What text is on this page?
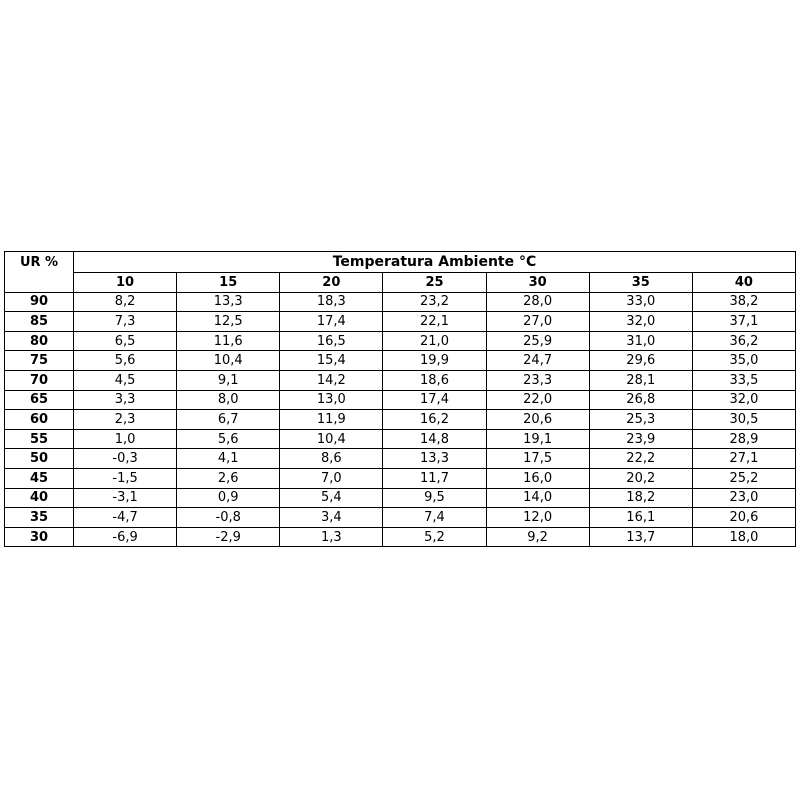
UR %	Temperatura Ambiente °C						
	10	15	20	25	30	35	40
90	8,2	13,3	18,3	23,2	28,0	33,0	38,2
85	7,3	12,5	17,4	22,1	27,0	32,0	37,1
80	6,5	11,6	16,5	21,0	25,9	31,0	36,2
75	5,6	10,4	15,4	19,9	24,7	29,6	35,0
70	4,5	9,1	14,2	18,6	23,3	28,1	33,5
65	3,3	8,0	13,0	17,4	22,0	26,8	32,0
60	2,3	6,7	11,9	16,2	20,6	25,3	30,5
55	1,0	5,6	10,4	14,8	19,1	23,9	28,9
50	-0,3	4,1	8,6	13,3	17,5	22,2	27,1
45	-1,5	2,6	7,0	11,7	16,0	20,2	25,2
40	-3,1	0,9	5,4	9,5	14,0	18,2	23,0
35	-4,7	-0,8	3,4	7,4	12,0	16,1	20,6
30	-6,9	-2,9	1,3	5,2	9,2	13,7	18,0
